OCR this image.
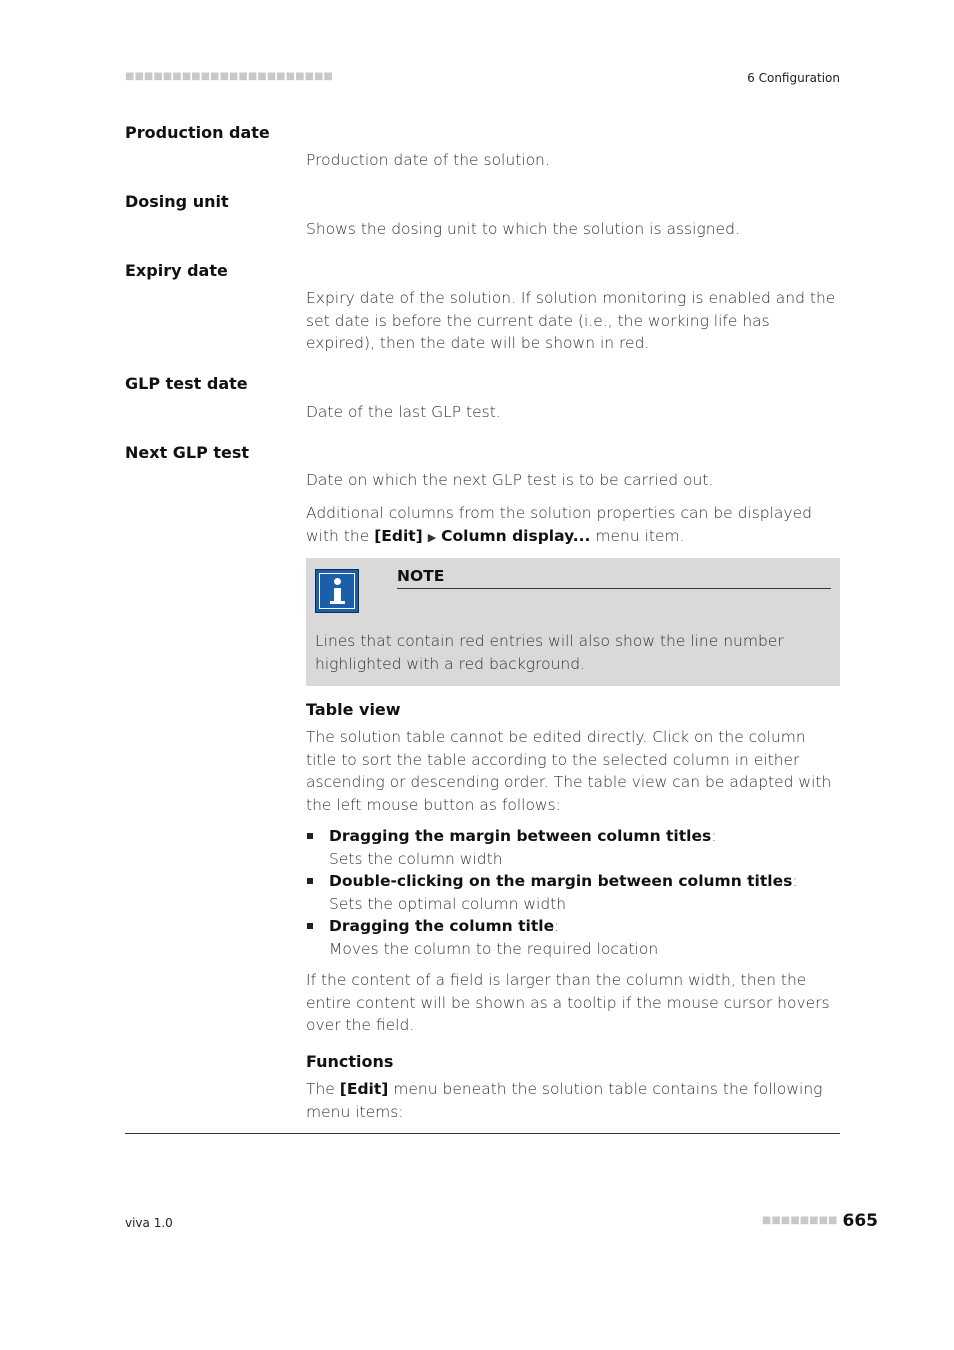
■■■■■■■■■■■■■■■■■■■■■■	6 Configuration
Production date
Production date of the solution.
Dosing unit
Shows the dosing unit to which the solution is assigned.
Expiry date
Expiry date of the solution. If solution monitoring is enabled and the set date is before the current date (i.e., the working life has expired), then the date will be shown in red.
GLP test date
Date of the last GLP test.
Next GLP test
Date on which the next GLP test is to be carried out.
Additional columns from the solution properties can be displayed with the [Edit] ▶ Column display... menu item.
NOTE
Lines that contain red entries will also show the line number highlighted with a red background.
Table view
The solution table cannot be edited directly. Click on the column title to sort the table according to the selected column in either ascending or descending order. The table view can be adapted with the left mouse button as follows:
Dragging the margin between column titles:
Sets the column width
Double-clicking on the margin between column titles:
Sets the optimal column width
Dragging the column title:
Moves the column to the required location
If the content of a field is larger than the column width, then the entire content will be shown as a tooltip if the mouse cursor hovers over the field.
Functions
The [Edit] menu beneath the solution table contains the following menu items:
viva 1.0	■■■■■■■■ 665
